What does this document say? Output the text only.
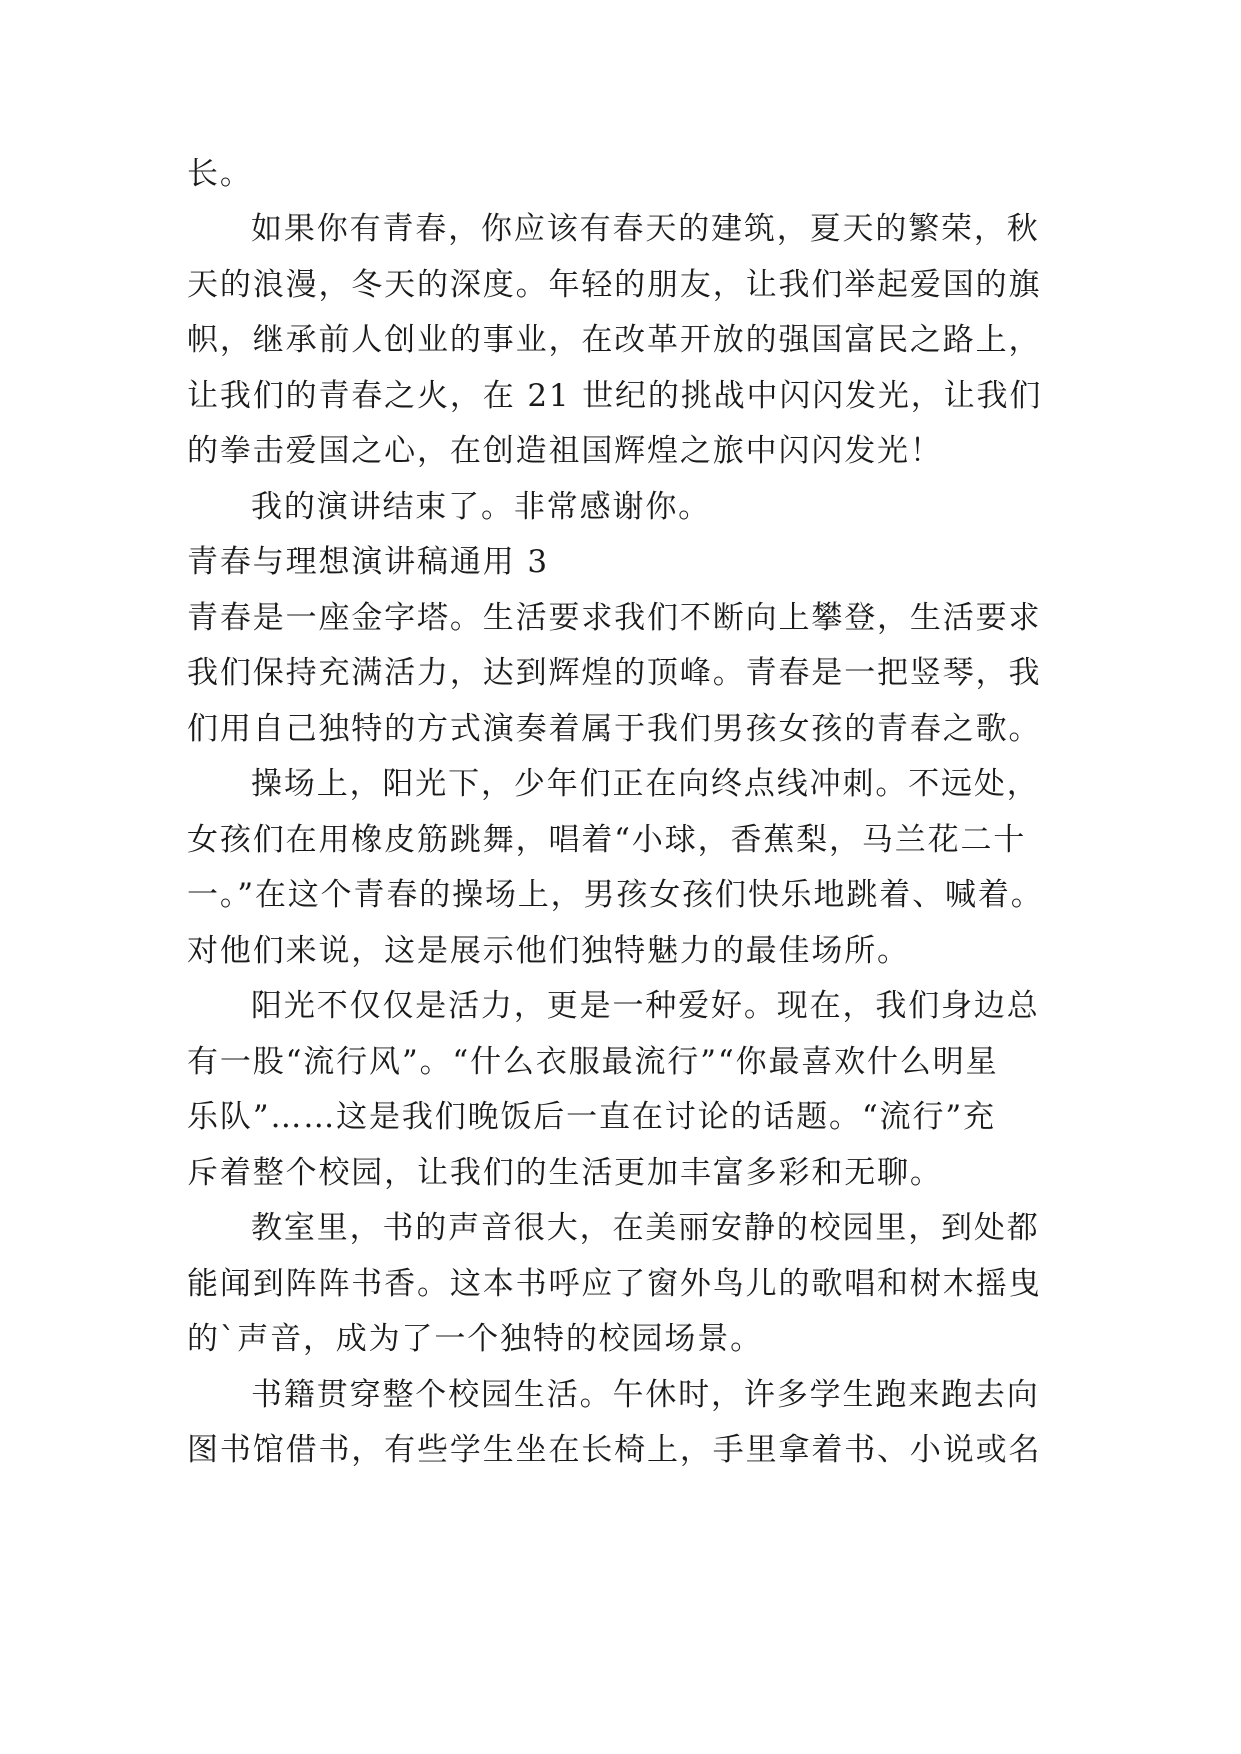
长。
如果你有青春，你应该有春天的建筑，夏天的繁荣，秋
天的浪漫，冬天的深度。年轻的朋友，让我们举起爱国的旗
帜，继承前人创业的事业，在改革开放的强国富民之路上，
让我们的青春之火，在 21 世纪的挑战中闪闪发光，让我们
的拳击爱国之心，在创造祖国辉煌之旅中闪闪发光！
我的演讲结束了。非常感谢你。
青春与理想演讲稿通用 3
青春是一座金字塔。生活要求我们不断向上攀登，生活要求
我们保持充满活力，达到辉煌的顶峰。青春是一把竖琴，我
们用自己独特的方式演奏着属于我们男孩女孩的青春之歌。
操场上，阳光下，少年们正在向终点线冲刺。不远处，
女孩们在用橡皮筋跳舞，唱着“小球，香蕉梨，马兰花二十
一。”在这个青春的操场上，男孩女孩们快乐地跳着、喊着。
对他们来说，这是展示他们独特魅力的最佳场所。
阳光不仅仅是活力，更是一种爱好。现在，我们身边总
有一股“流行风”。“什么衣服最流行”“你最喜欢什么明星
乐队”……这是我们晚饭后一直在讨论的话题。“流行”充
斥着整个校园，让我们的生活更加丰富多彩和无聊。
教室里，书的声音很大，在美丽安静的校园里，到处都
能闻到阵阵书香。这本书呼应了窗外鸟儿的歌唱和树木摇曳
的`声音，成为了一个独特的校园场景。
书籍贯穿整个校园生活。午休时，许多学生跑来跑去向
图书馆借书，有些学生坐在长椅上，手里拿着书、小说或名
